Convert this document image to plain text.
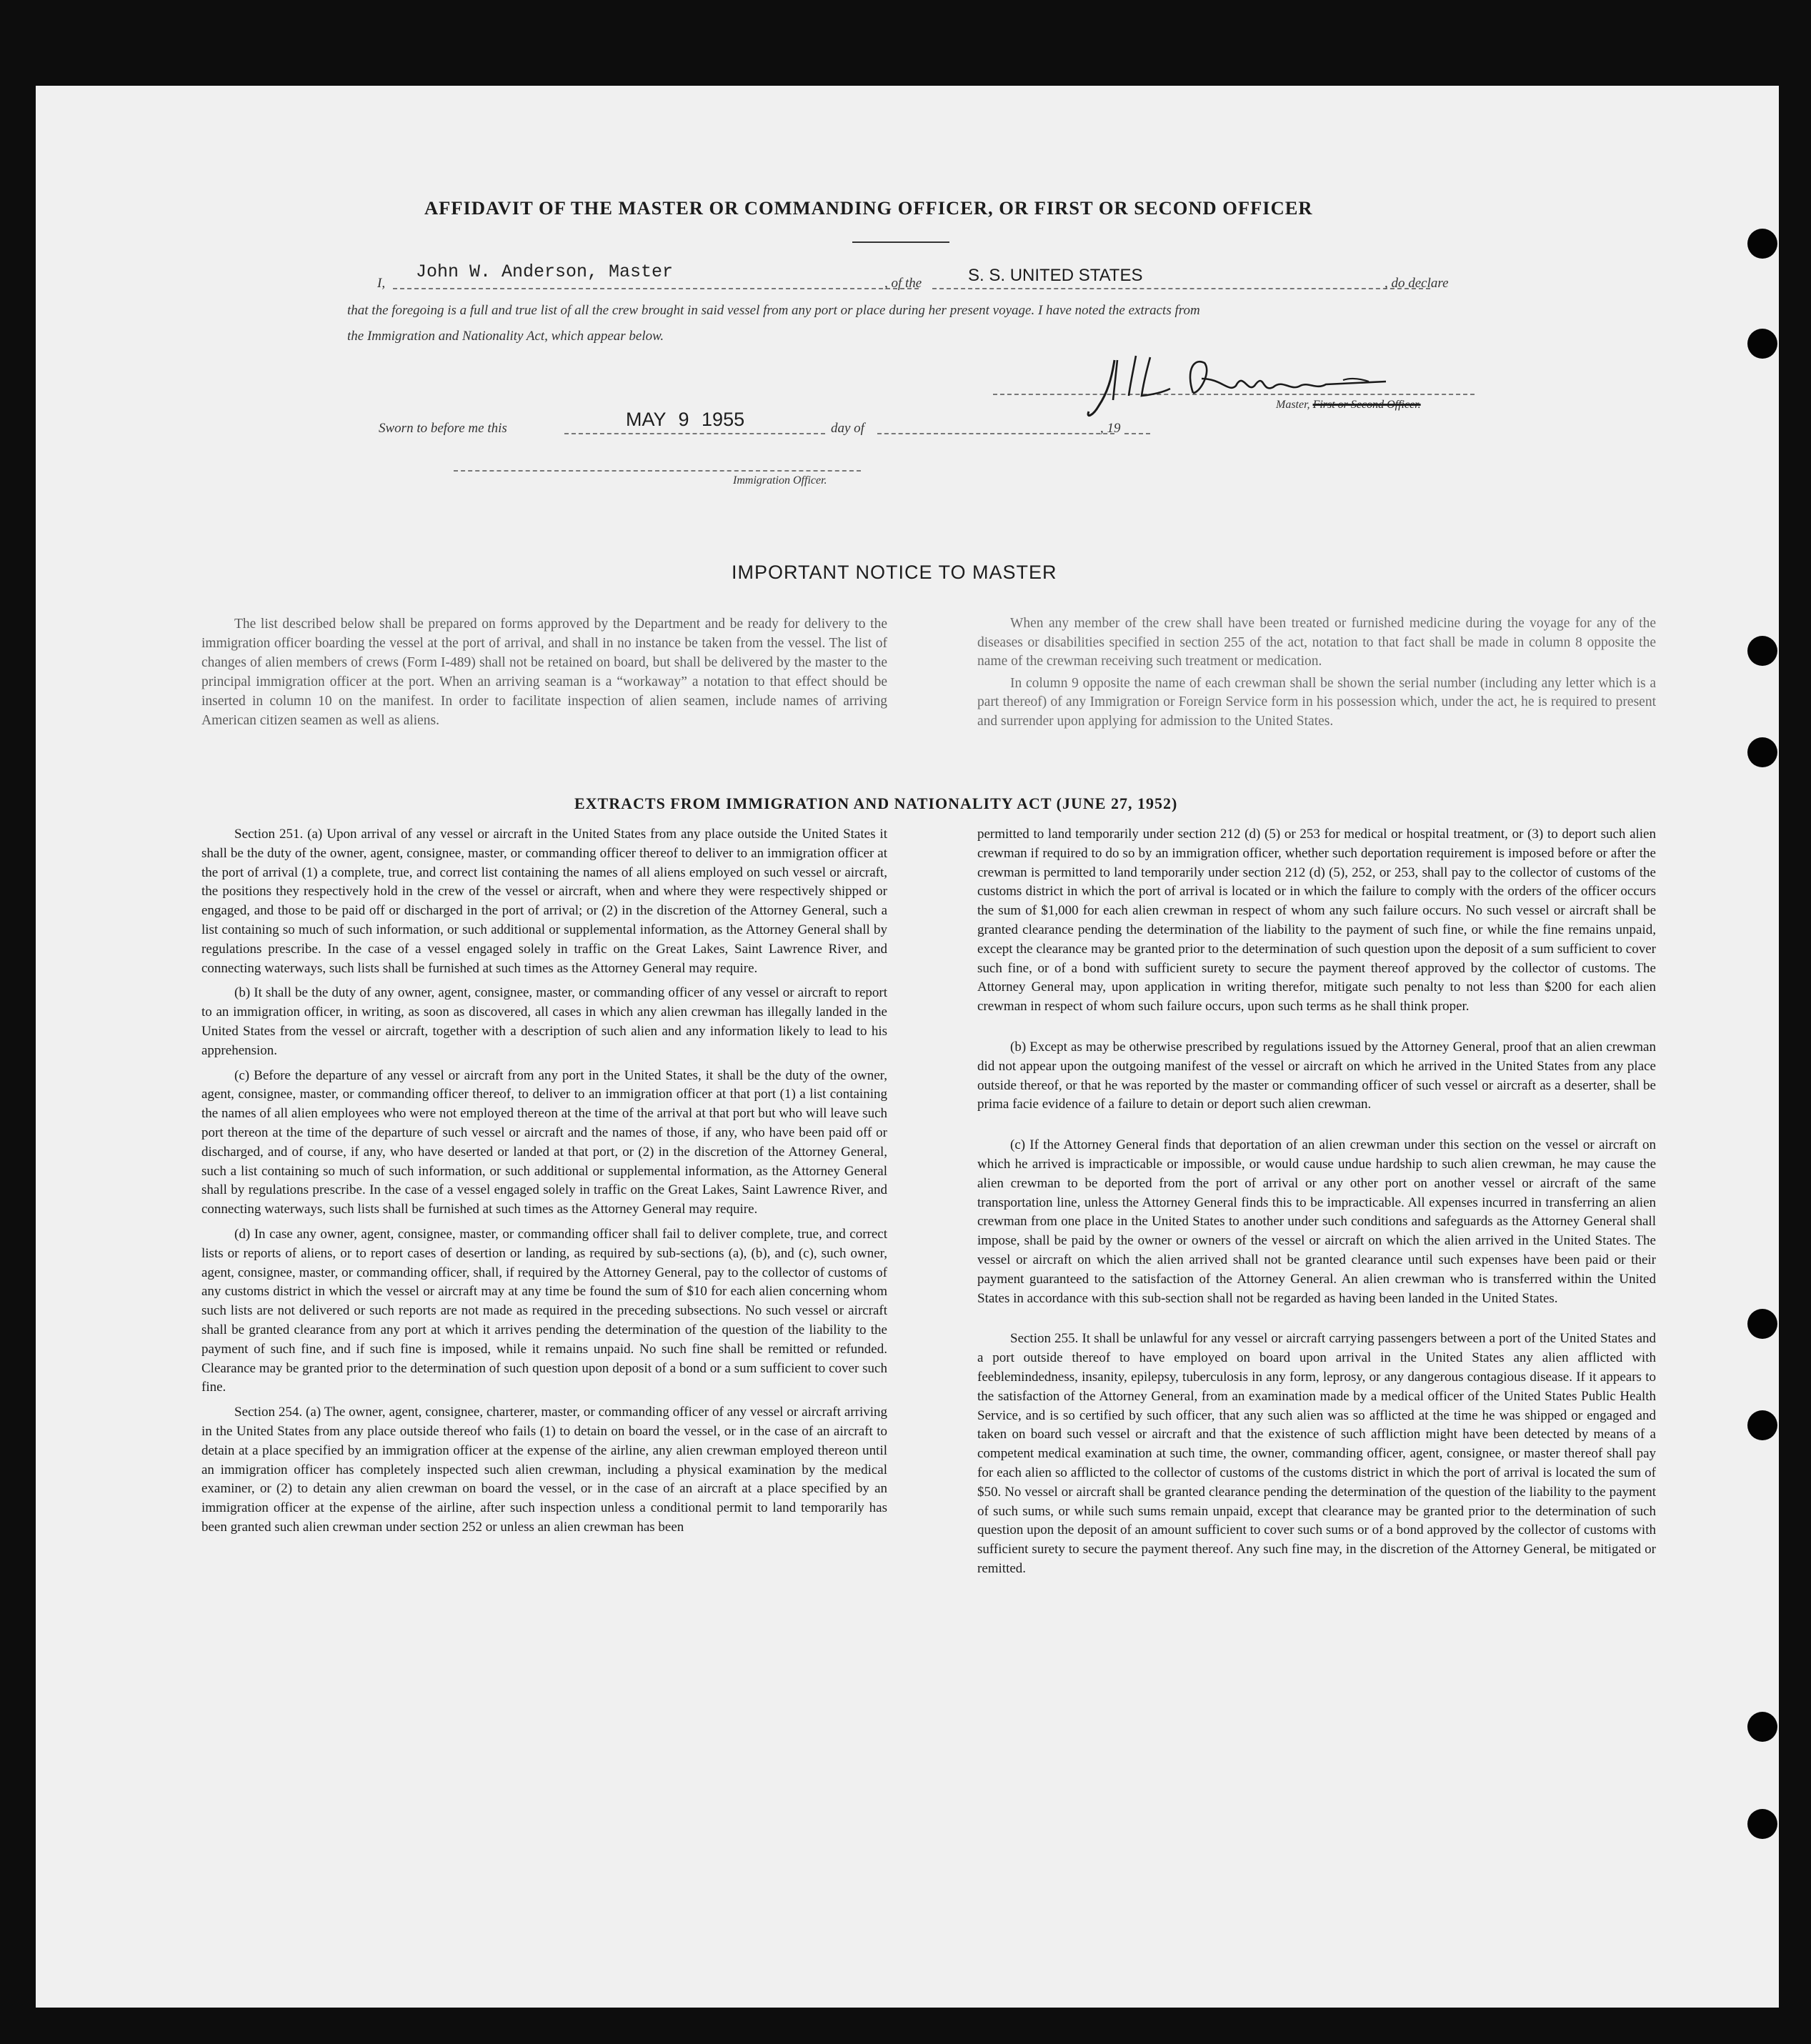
AFFIDAVIT OF THE MASTER OR COMMANDING OFFICER, OR FIRST OR SECOND OFFICER
I,
John W. Anderson, Master
, of the	S. S. UNITED STATES	, do declare
that the foregoing is a full and true list of all the crew brought in said vessel from any port or place during her present voyage. I have noted the extracts from
the Immigration and Nationality Act, which appear below.
Master, First or Second Officer.
Sworn to before me this	MAY 9 1955	day of	, 19
Immigration Officer.
IMPORTANT NOTICE TO MASTER

The list described below shall be prepared on forms approved by the Department and be ready for delivery to the immigration officer boarding the vessel at the port of arrival, and shall in no instance be taken from the vessel. The list of changes of alien members of crews (Form I-489) shall not be retained on board, but shall be delivered by the master to the principal immigration officer at the port. When an arriving seaman is a “workaway” a notation to that effect should be inserted in column 10 on the manifest. In order to facilitate inspection of alien seamen, include names of arriving American citizen seamen as well as aliens.

When any member of the crew shall have been treated or furnished medicine during the voyage for any of the diseases or disabilities specified in section 255 of the act, notation to that fact shall be made in column 8 opposite the name of the crewman receiving such treatment or medication.

In column 9 opposite the name of each crewman shall be shown the serial number (including any letter which is a part thereof) of any Immigration or Foreign Service form in his possession which, under the act, he is required to present and surrender upon applying for admission to the United States.

EXTRACTS FROM IMMIGRATION AND NATIONALITY ACT (JUNE 27, 1952)

Section 251. (a) Upon arrival of any vessel or aircraft in the United States from any place outside the United States it shall be the duty of the owner, agent, consignee, master, or commanding officer thereof to deliver to an immigration officer at the port of arrival (1) a complete, true, and correct list containing the names of all aliens employed on such vessel or aircraft, the positions they respectively hold in the crew of the vessel or aircraft, when and where they were respectively shipped or engaged, and those to be paid off or discharged in the port of arrival; or (2) in the discretion of the Attorney General, such a list containing so much of such information, or such additional or supplemental information, as the Attorney General shall by regulations prescribe. In the case of a vessel engaged solely in traffic on the Great Lakes, Saint Lawrence River, and connecting waterways, such lists shall be furnished at such times as the Attorney General may require.

(b) It shall be the duty of any owner, agent, consignee, master, or commanding officer of any vessel or aircraft to report to an immigration officer, in writing, as soon as discovered, all cases in which any alien crewman has illegally landed in the United States from the vessel or aircraft, together with a description of such alien and any information likely to lead to his apprehension.

(c) Before the departure of any vessel or aircraft from any port in the United States, it shall be the duty of the owner, agent, consignee, master, or commanding officer thereof, to deliver to an immigration officer at that port (1) a list containing the names of all alien employees who were not employed thereon at the time of the arrival at that port but who will leave such port thereon at the time of the departure of such vessel or aircraft and the names of those, if any, who have been paid off or discharged, and of course, if any, who have deserted or landed at that port, or (2) in the discretion of the Attorney General, such a list containing so much of such information, or such additional or supplemental information, as the Attorney General shall by regulations prescribe. In the case of a vessel engaged solely in traffic on the Great Lakes, Saint Lawrence River, and connecting waterways, such lists shall be furnished at such times as the Attorney General may require.

(d) In case any owner, agent, consignee, master, or commanding officer shall fail to deliver complete, true, and correct lists or reports of aliens, or to report cases of desertion or landing, as required by sub-sections (a), (b), and (c), such owner, agent, consignee, master, or commanding officer, shall, if required by the Attorney General, pay to the collector of customs of any customs district in which the vessel or aircraft may at any time be found the sum of $10 for each alien concerning whom such lists are not delivered or such reports are not made as required in the preceding subsections. No such vessel or aircraft shall be granted clearance from any port at which it arrives pending the determination of the question of the liability to the payment of such fine, and if such fine is imposed, while it remains unpaid. No such fine shall be remitted or refunded. Clearance may be granted prior to the determination of such question upon deposit of a bond or a sum sufficient to cover such fine.

Section 254. (a) The owner, agent, consignee, charterer, master, or commanding officer of any vessel or aircraft arriving in the United States from any place outside thereof who fails (1) to detain on board the vessel, or in the case of an aircraft to detain at a place specified by an immigration officer at the expense of the airline, any alien crewman employed thereon until an immigration officer has completely inspected such alien crewman, including a physical examination by the medical examiner, or (2) to detain any alien crewman on board the vessel, or in the case of an aircraft at a place specified by an immigration officer at the expense of the airline, after such inspection unless a conditional permit to land temporarily has been granted such alien crewman under section 252 or unless an alien crewman has been

permitted to land temporarily under section 212 (d) (5) or 253 for medical or hospital treatment, or (3) to deport such alien crewman if required to do so by an immigration officer, whether such deportation requirement is imposed before or after the crewman is permitted to land temporarily under section 212 (d) (5), 252, or 253, shall pay to the collector of customs of the customs district in which the port of arrival is located or in which the failure to comply with the orders of the officer occurs the sum of $1,000 for each alien crewman in respect of whom any such failure occurs. No such vessel or aircraft shall be granted clearance pending the determination of the liability to the payment of such fine, or while the fine remains unpaid, except the clearance may be granted prior to the determination of such question upon the deposit of a sum sufficient to cover such fine, or of a bond with sufficient surety to secure the payment thereof approved by the collector of customs. The Attorney General may, upon application in writing therefor, mitigate such penalty to not less than $200 for each alien crewman in respect of whom such failure occurs, upon such terms as he shall think proper.

(b) Except as may be otherwise prescribed by regulations issued by the Attorney General, proof that an alien crewman did not appear upon the outgoing manifest of the vessel or aircraft on which he arrived in the United States from any place outside thereof, or that he was reported by the master or commanding officer of such vessel or aircraft as a deserter, shall be prima facie evidence of a failure to detain or deport such alien crewman.

(c) If the Attorney General finds that deportation of an alien crewman under this section on the vessel or aircraft on which he arrived is impracticable or impossible, or would cause undue hardship to such alien crewman, he may cause the alien crewman to be deported from the port of arrival or any other port on another vessel or aircraft of the same transportation line, unless the Attorney General finds this to be impracticable. All expenses incurred in transferring an alien crewman from one place in the United States to another under such conditions and safeguards as the Attorney General shall impose, shall be paid by the owner or owners of the vessel or aircraft on which the alien arrived in the United States. The vessel or aircraft on which the alien arrived shall not be granted clearance until such expenses have been paid or their payment guaranteed to the satisfaction of the Attorney General. An alien crewman who is transferred within the United States in accordance with this sub-section shall not be regarded as having been landed in the United States.

Section 255. It shall be unlawful for any vessel or aircraft carrying passengers between a port of the United States and a port outside thereof to have employed on board upon arrival in the United States any alien afflicted with feeblemindedness, insanity, epilepsy, tuberculosis in any form, leprosy, or any dangerous contagious disease. If it appears to the satisfaction of the Attorney General, from an examination made by a medical officer of the United States Public Health Service, and is so certified by such officer, that any such alien was so afflicted at the time he was shipped or engaged and taken on board such vessel or aircraft and that the existence of such affliction might have been detected by means of a competent medical examination at such time, the owner, commanding officer, agent, consignee, or master thereof shall pay for each alien so afflicted to the collector of customs of the customs district in which the port of arrival is located the sum of $50. No vessel or aircraft shall be granted clearance pending the determination of the question of the liability to the payment of such sums, or while such sums remain unpaid, except that clearance may be granted prior to the determination of such question upon the deposit of an amount sufficient to cover such sums or of a bond approved by the collector of customs with sufficient surety to secure the payment thereof. Any such fine may, in the discretion of the Attorney General, be mitigated or remitted.
